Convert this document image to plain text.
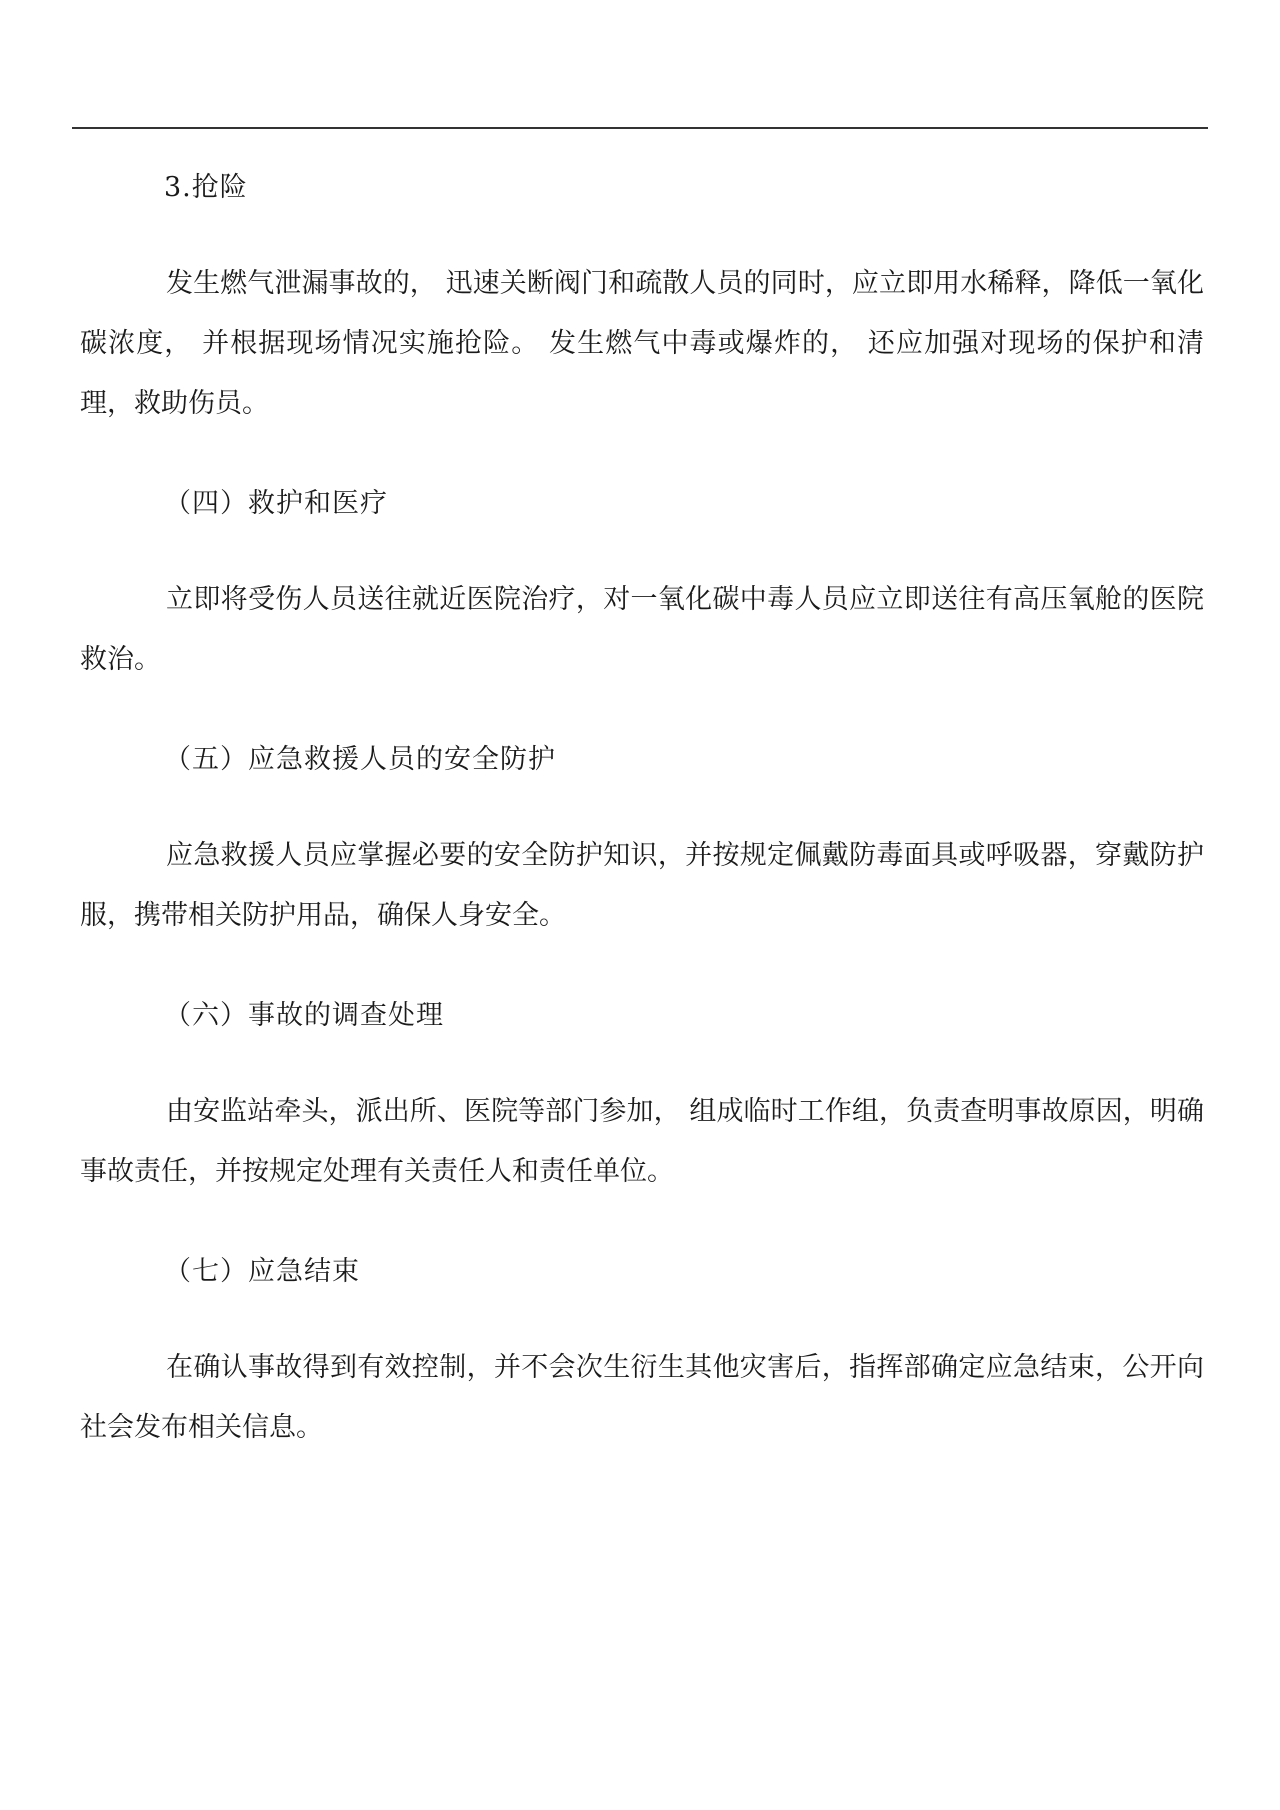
3.抢险

发生燃气泄漏事故的， 迅速关断阀门和疏散人员的同时，应立即用水稀释，降低一氧化碳浓度， 并根据现场情况实施抢险。 发生燃气中毒或爆炸的， 还应加强对现场的保护和清理，救助伤员。

（四）救护和医疗

立即将受伤人员送往就近医院治疗，对一氧化碳中毒人员应立即送往有高压氧舱的医院救治。

（五）应急救援人员的安全防护

应急救援人员应掌握必要的安全防护知识，并按规定佩戴防毒面具或呼吸器，穿戴防护服，携带相关防护用品，确保人身安全。

（六）事故的调查处理

由安监站牵头，派出所、医院等部门参加， 组成临时工作组，负责查明事故原因，明确事故责任，并按规定处理有关责任人和责任单位。

（七）应急结束

在确认事故得到有效控制，并不会次生衍生其他灾害后，指挥部确定应急结束，公开向社会发布相关信息。
